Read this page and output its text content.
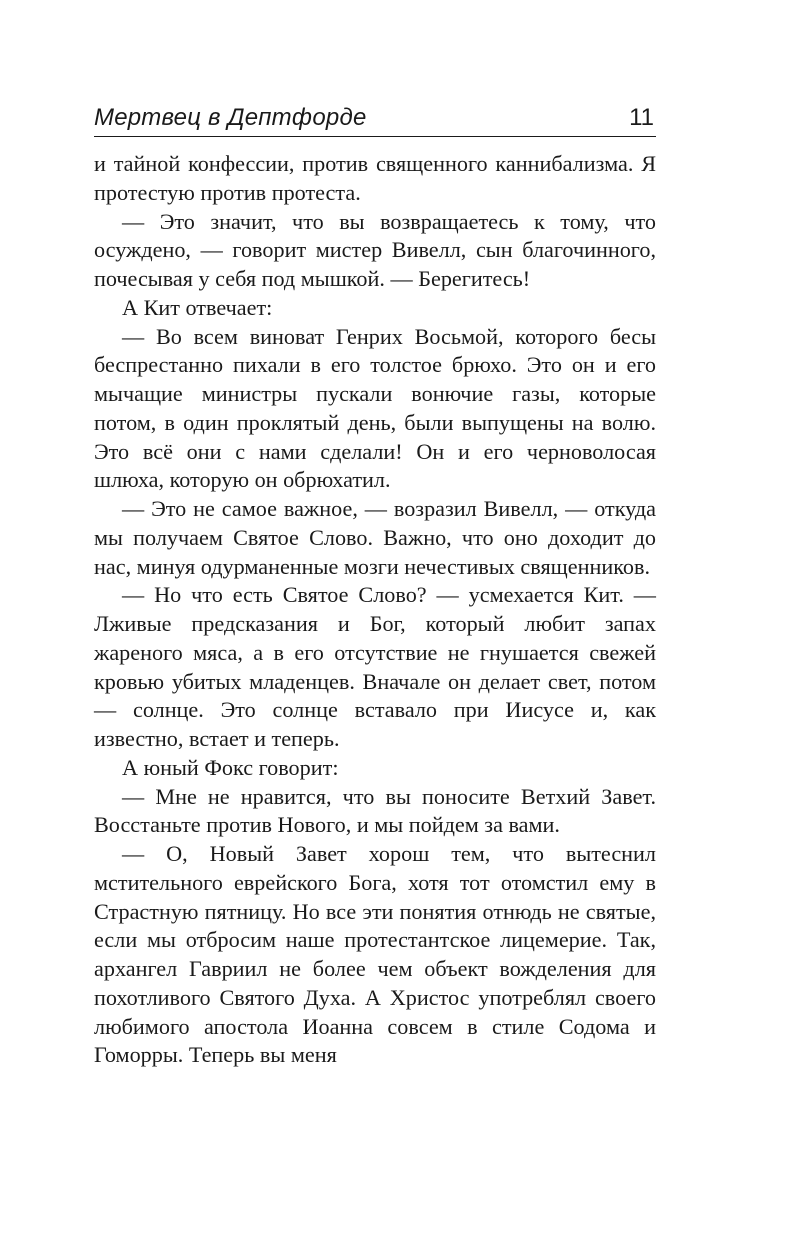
Мертвец в Дептфорде	11

и тайной конфессии, против священного каннибализма. Я протестую против протеста.

— Это значит, что вы возвращаетесь к тому, что осуждено, — говорит мистер Вивелл, сын благочинного, почесывая у себя под мышкой. — Берегитесь!

А Кит отвечает:

— Во всем виноват Генрих Восьмой, которого бесы беспрестанно пихали в его толстое брюхо. Это он и его мычащие министры пускали вонючие газы, которые потом, в один проклятый день, были выпущены на волю. Это всё они с нами сделали! Он и его черноволосая шлюха, которую он обрюхатил.

— Это не самое важное, — возразил Вивелл, — откуда мы получаем Святое Слово. Важно, что оно доходит до нас, минуя одурманенные мозги нечестивых священников.

— Но что есть Святое Слово? — усмехается Кит. — Лживые предсказания и Бог, который любит запах жареного мяса, а в его отсутствие не гнушается свежей кровью убитых младенцев. Вначале он делает свет, потом — солнце. Это солнце вставало при Иисусе и, как известно, встает и теперь.

А юный Фокс говорит:

— Мне не нравится, что вы поносите Ветхий Завет. Восстаньте против Нового, и мы пойдем за вами.

— О, Новый Завет хорош тем, что вытеснил мстительного еврейского Бога, хотя тот отомстил ему в Страстную пятницу. Но все эти понятия отнюдь не святые, если мы отбросим наше протестантское лицемерие. Так, архангел Гавриил не более чем объект вожделения для похотливого Святого Духа. А Христос употреблял своего любимого апостола Иоанна совсем в стиле Содома и Гоморры. Теперь вы меня
